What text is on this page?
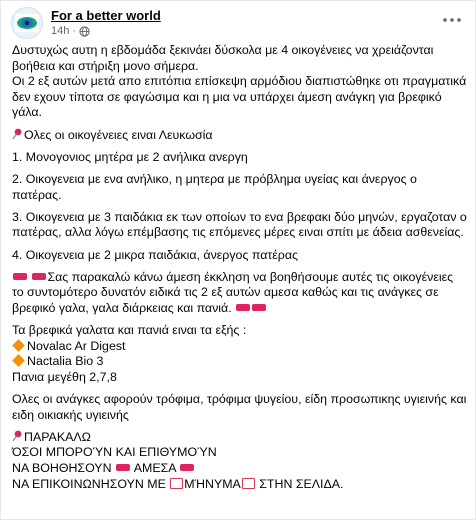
For a better world
14h ·

Δυστυχώς αυτη η εβδομάδα ξεκινάει δύσκολα με 4 οικογένειες να χρειάζονται βοήθεια και στήριξη μονο σήμερα.
Οι 2 εξ αυτών μετά απο επιτόπια επίσκεψη αρμόδιου διαπιστώθηκε οτι πραγματικά δεν εχουν τίποτα σε φαγώσιμα και η μια να υπάρχει άμεση ανάγκη για βρεφικό γάλα.

Ολες οι οικογένειες ειναι Λευκωσία

1. Μονογονιος μητέρα με 2 ανήλικα ανεργη

2. Οικογενεια με ενα ανήλικο, η μητερα με πρόβλημα υγείας και άνεργος ο πατέρας.

3. Οικογενεια με 3 παιδάκια εκ των οποίων το ενα βρεφακι δύο μηνών, εργαζοταν ο πατέρας, αλλα λόγω επέμβασης τις επόμενες μέρες ειναι σπίτι με άδεια ασθενείας.

4. Οικογενεια με 2 μικρα παιδάκια, άνεργος πατέρας

Σας παρακαλώ κάνω άμεση έκκληση να βοηθήσουμε αυτές τις οικογένειες το συντομότερο δυνατόν ειδικά τις 2 εξ αυτών αμεσα καθώς και τις ανάγκες σε βρεφικό γαλα, γαλα διάρκειας και πανιά.

Τα βρεφικά γαλατα και πανιά ειναι τα εξής :

Novalac Ar Digest
Nactalia Bio 3

Πανια μεγέθη 2,7,8

Ολες οι ανάγκες αφορούν τρόφιμα, τρόφιμα ψυγείου, είδη προσωπικης υγιεινής και ειδη οικιακής υγιεινής

ΠΑΡΑΚΑΛΩ
ΌΣΟΙ ΜΠΟΡΟΎΝ ΚΑΙ ΕΠΙΘΥΜΟΎΝ
ΝΑ ΒΟΗΘΗΣΟΥΝ ΑΜΕΣΑ
ΝΑ ΕΠΙΚΟΙΝΩΝΗΣΟΥΝ ΜΕ ΜΉΝΥΜΑ ΣΤΗΝ ΣΕΛΙΔΑ.
